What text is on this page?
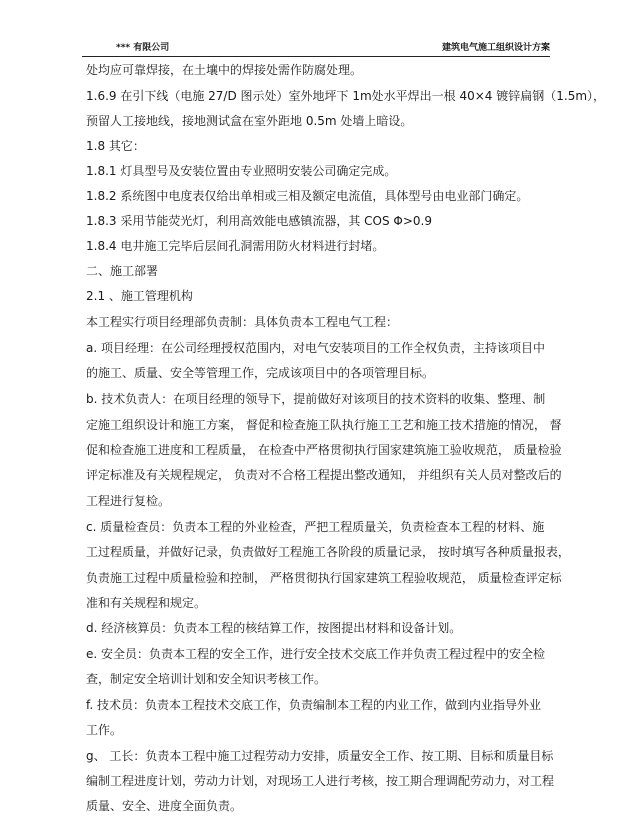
*** 有限公司	建筑电气施工组织设计方案

处均应可靠焊接，在土壤中的焊接处需作防腐处理。

1.6.9 在引下线（电施 27/D 图示处）室外地坪下 1m处水平焊出一根 40×4 镀锌扁钢（1.5m），

预留人工接地线，接地测试盒在室外距地 0.5m 处墙上暗设。

1.8 其它：

1.8.1 灯具型号及安装位置由专业照明安装公司确定完成。

1.8.2 系统图中电度表仅给出单相或三相及额定电流值，具体型号由电业部门确定。

1.8.3 采用节能荧光灯，利用高效能电感镇流器，其 COS Φ>0.9

1.8.4 电井施工完毕后层间孔洞需用防火材料进行封堵。

二、施工部署

2.1 、施工管理机构

本工程实行项目经理部负责制：具体负责本工程电气工程：

a. 项目经理：在公司经理授权范围内，对电气安装项目的工作全权负责，主持该项目中

的施工、质量、安全等管理工作，完成该项目中的各项管理目标。

b. 技术负责人：在项目经理的领导下，提前做好对该项目的技术资料的收集、整理、制

定施工组织设计和施工方案， 督促和检查施工队执行施工工艺和施工技术措施的情况， 督

促和检查施工进度和工程质量， 在检查中严格贯彻执行国家建筑施工验收规范， 质量检验

评定标准及有关规程规定， 负责对不合格工程提出整改通知， 并组织有关人员对整改后的

工程进行复检。

c. 质量检查员：负责本工程的外业检查，严把工程质量关，负责检查本工程的材料、施

工过程质量，并做好记录，负责做好工程施工各阶段的质量记录， 按时填写各种质量报表，

负责施工过程中质量检验和控制， 严格贯彻执行国家建筑工程验收规范， 质量检查评定标

准和有关规程和规定。

d. 经济核算员：负责本工程的核结算工作，按图提出材料和设备计划。

e. 安全员：负责本工程的安全工作，进行安全技术交底工作并负责工程过程中的安全检

查，制定安全培训计划和安全知识考核工作。

f. 技术员：负责本工程技术交底工作，负责编制本工程的内业工作，做到内业指导外业

工作。

g、 工长：负责本工程中施工过程劳动力安排，质量安全工作、按工期、目标和质量目标

编制工程进度计划，劳动力计划，对现场工人进行考核，按工期合理调配劳动力，对工程

质量、安全、进度全面负责。
